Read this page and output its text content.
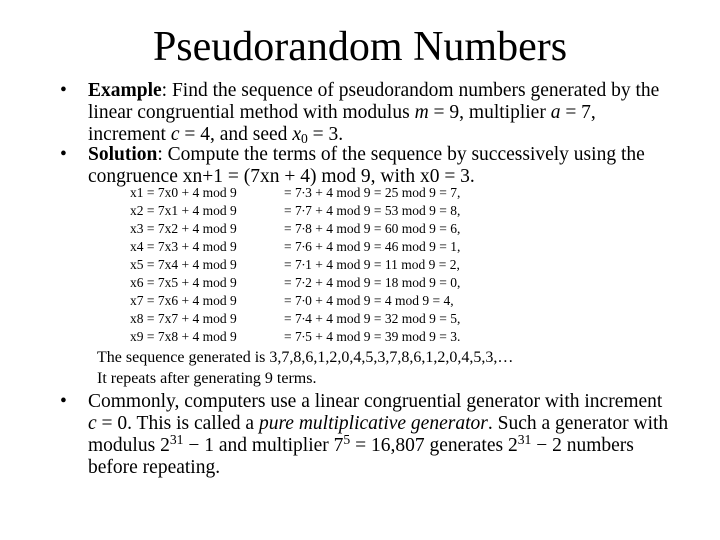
Pseudorandom Numbers
• Example: Find the sequence of pseudorandom numbers generated by the linear congruential method with modulus m = 9, multiplier a = 7, increment c = 4, and seed $x_0 = 3$.
• Solution: Compute the terms of the sequence by successively using the congruence xn+1 = (7xn + 4) mod 9, with x0 = 3.
x1 = 7x0 + 4 mod 9	= 7∙3 + 4 mod 9 = 25 mod 9 = 7,
x2 = 7x1 + 4 mod 9	= 7∙7 + 4 mod 9 = 53 mod 9 = 8,
x3 = 7x2 + 4 mod 9	= 7∙8 + 4 mod 9 = 60 mod 9 = 6,
x4 = 7x3 + 4 mod 9	= 7∙6 + 4 mod 9 = 46 mod 9 = 1,
x5 = 7x4 + 4 mod 9	= 7∙1 + 4 mod 9 = 11 mod 9 = 2,
x6 = 7x5 + 4 mod 9	= 7∙2 + 4 mod 9 = 18 mod 9 = 0,
x7 = 7x6 + 4 mod 9	= 7∙0 + 4 mod 9 = 4 mod 9 = 4,
x8 = 7x7 + 4 mod 9	= 7∙4 + 4 mod 9 = 32 mod 9 = 5,
x9 = 7x8 + 4 mod 9	= 7∙5 + 4 mod 9 = 39 mod 9 = 3.
The sequence generated is 3,7,8,6,1,2,0,4,5,3,7,8,6,1,2,0,4,5,3,…
It repeats after generating 9 terms.
• Commonly, computers use a linear congruential generator with increment c = 0. This is called a pure multiplicative generator. Such a generator with modulus $2^{31} - 1$ and multiplier $7^5 = 16,807$ generates $2^{31} - 2$ numbers before repeating.
